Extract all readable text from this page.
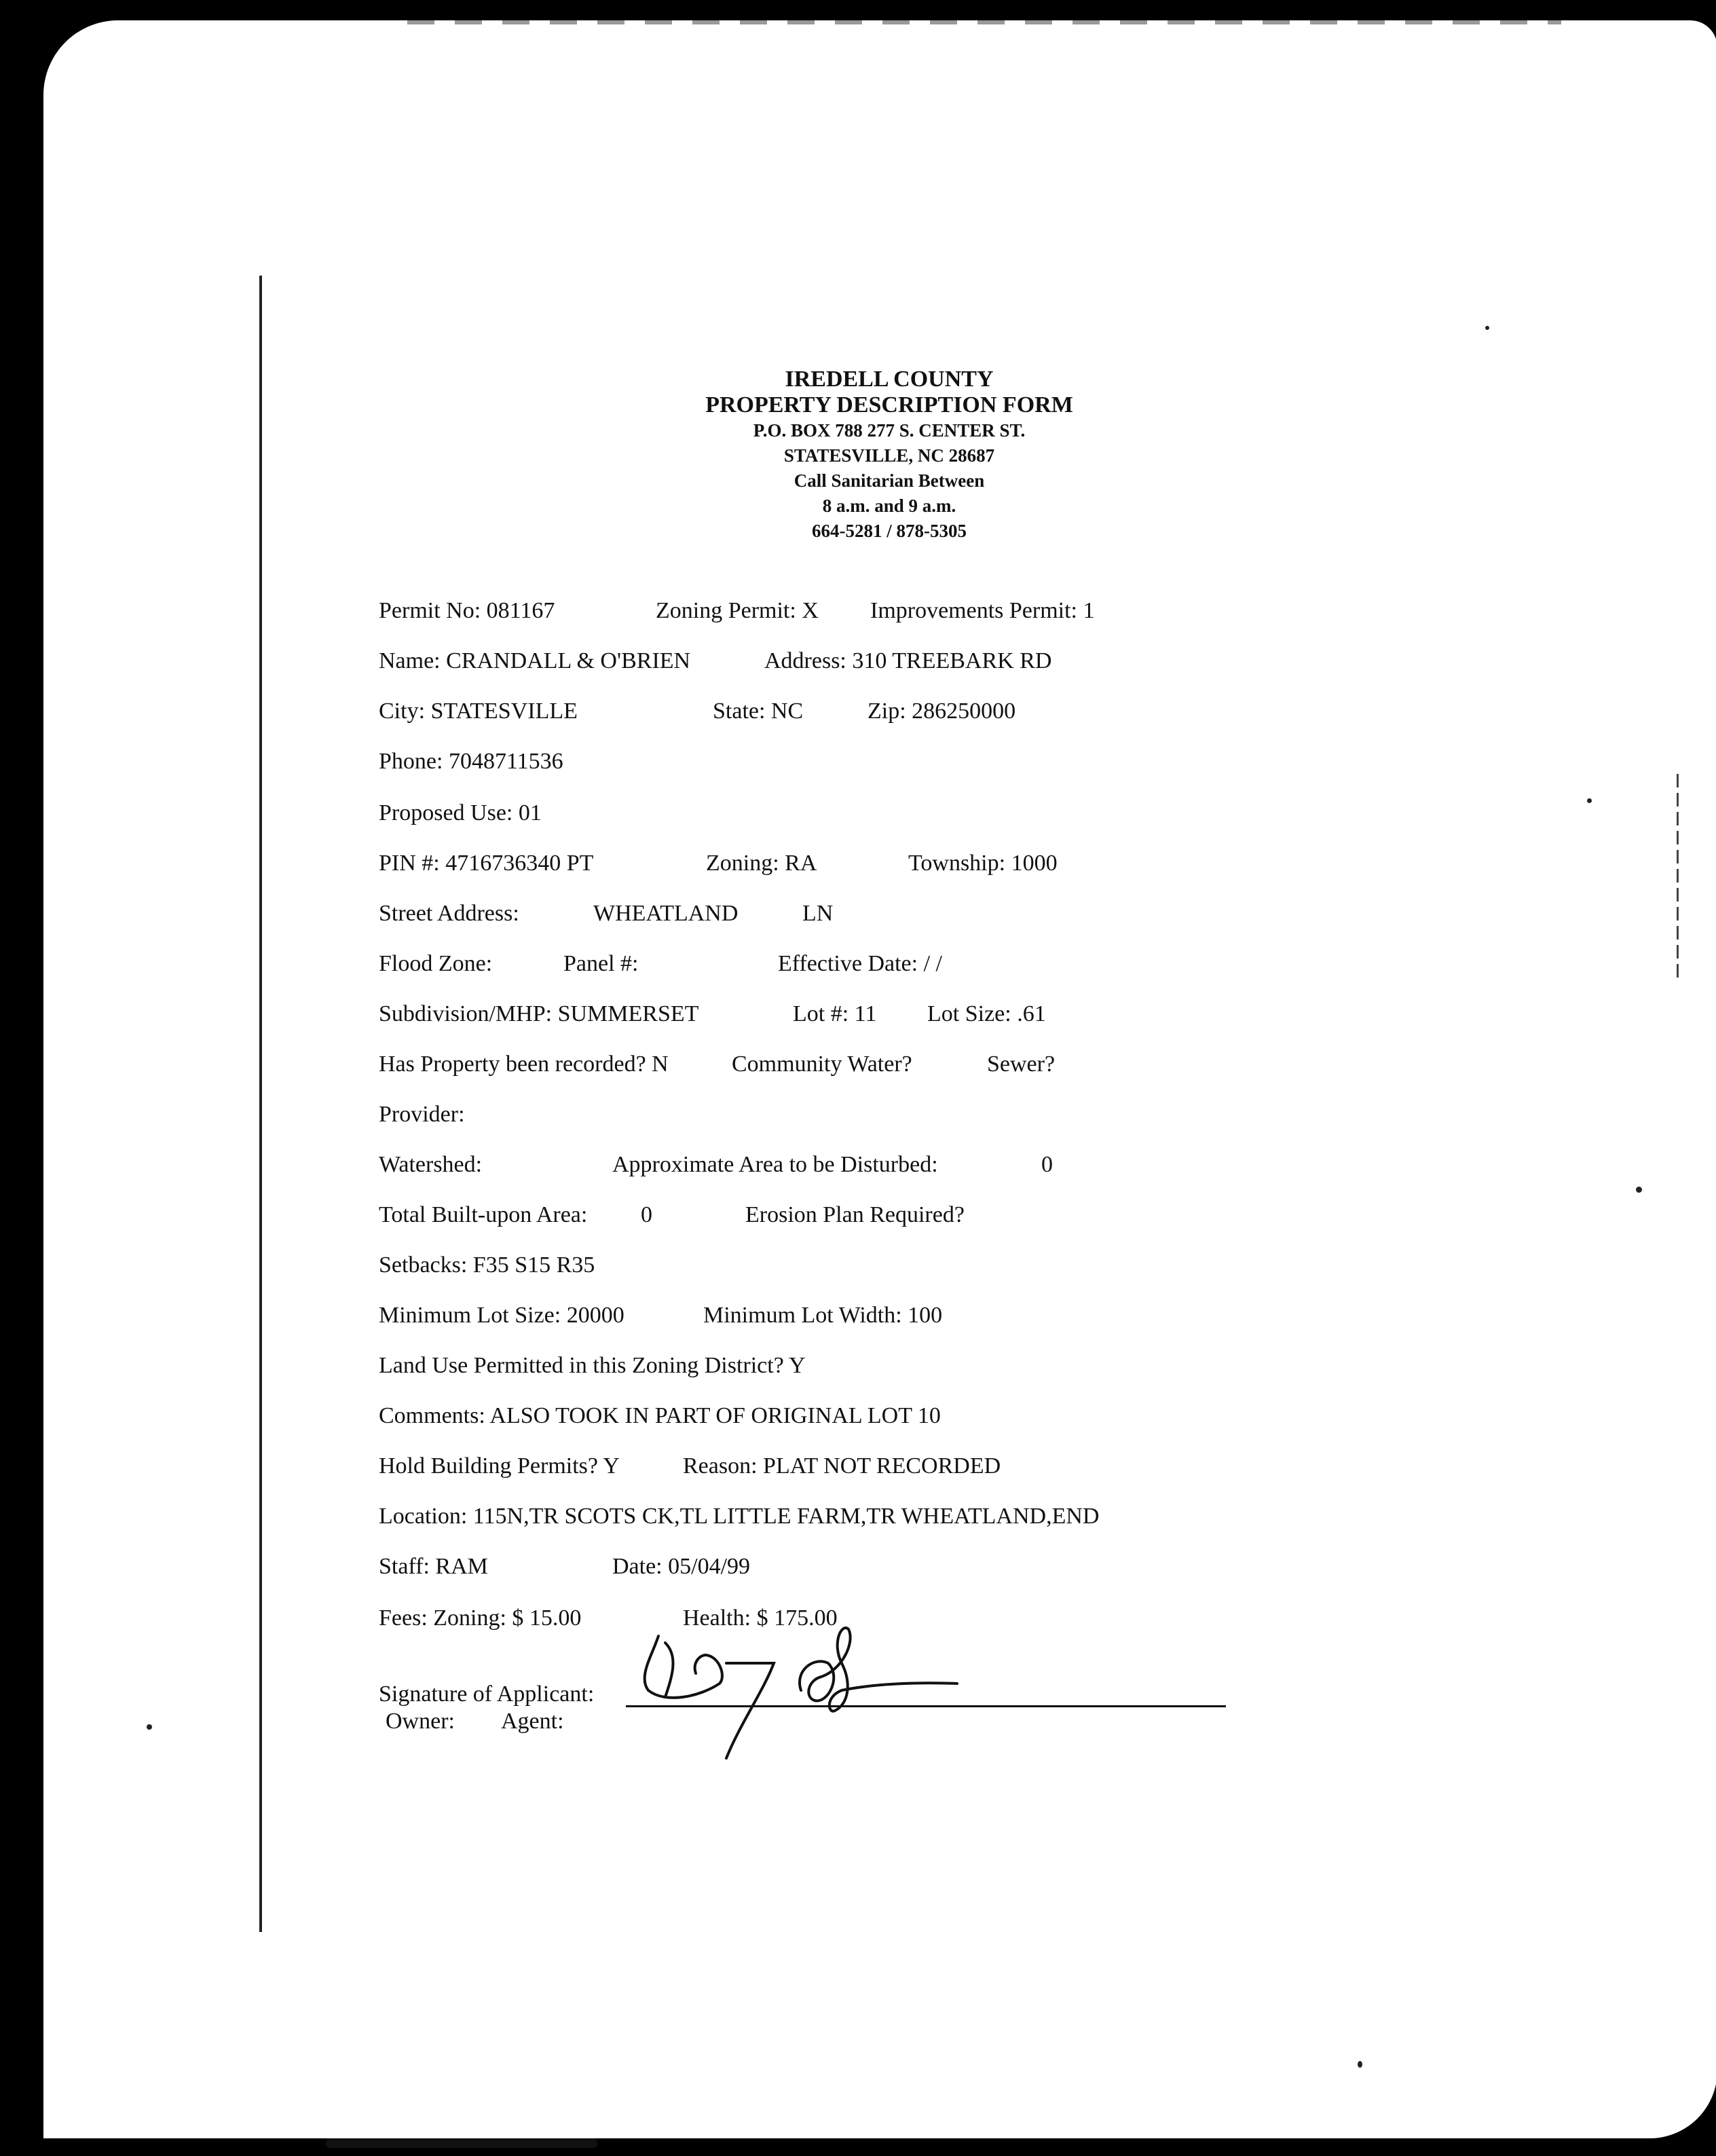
IREDELL COUNTY
PROPERTY DESCRIPTION FORM
P.O. BOX 788 277 S. CENTER ST.
STATESVILLE, NC 28687
Call Sanitarian Between
8 a.m. and 9 a.m.
664-5281 / 878-5305
Permit No: 081167	Zoning Permit: X Improvements Permit: 1
Name: CRANDALL & O'BRIEN	Address: 310 TREEBARK RD
City: STATESVILLE	State: NC	Zip: 286250000
Phone: 7048711536
Proposed Use: 01
PIN #: 4716736340 PT	Zoning: RA	Township: 1000
Street Address:	WHEATLAND	LN
Flood Zone:	Panel #:	Effective Date: / /
Subdivision/MHP: SUMMERSET	Lot #: 11 Lot Size: .61
Has Property been recorded? N	Community Water?	Sewer?
Provider:
Watershed:	Approximate Area to be Disturbed:	0
Total Built-upon Area: 0	Erosion Plan Required?
Setbacks: F35 S15 R35
Minimum Lot Size: 20000	Minimum Lot Width: 100
Land Use Permitted in this Zoning District? Y
Comments: ALSO TOOK IN PART OF ORIGINAL LOT 10
Hold Building Permits? Y	Reason: PLAT NOT RECORDED
Location: 115N,TR SCOTS CK,TL LITTLE FARM,TR WHEATLAND,END
Staff: RAM	Date: 05/04/99
Fees: Zoning: $ 15.00	Health: $ 175.00
Signature of Applicant:
Owner: Agent:
